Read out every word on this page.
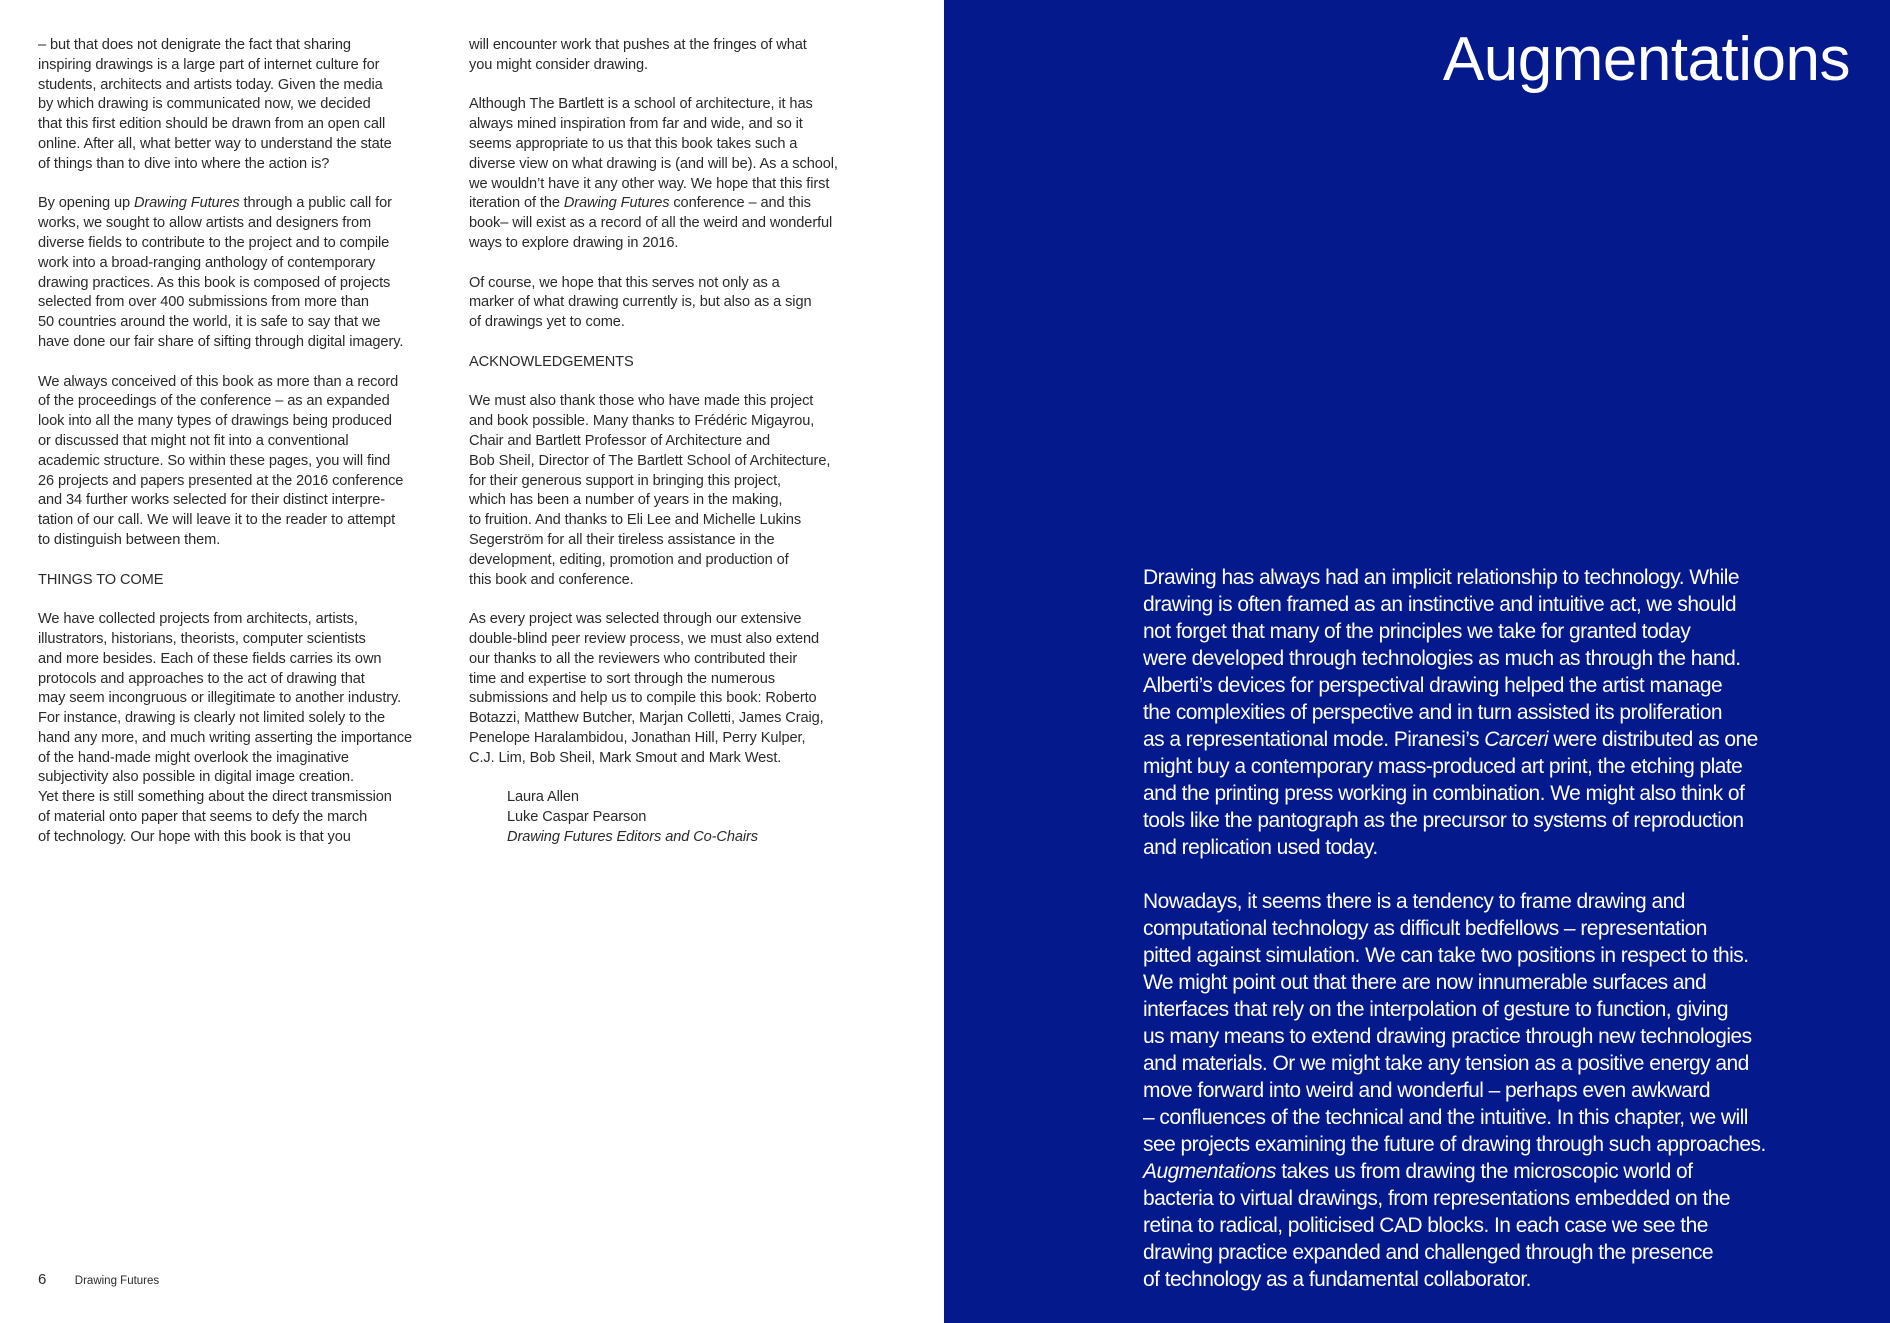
– but that does not denigrate the fact that sharing
inspiring drawings is a large part of internet culture for
students, architects and artists today. Given the media
by which drawing is communicated now, we decided
that this first edition should be drawn from an open call
online. After all, what better way to understand the state
of things than to dive into where the action is?
By opening up Drawing Futures through a public call for
works, we sought to allow artists and designers from
diverse fields to contribute to the project and to compile
work into a broad-ranging anthology of contemporary
drawing practices. As this book is composed of projects
selected from over 400 submissions from more than
50 countries around the world, it is safe to say that we
have done our fair share of sifting through digital imagery.
We always conceived of this book as more than a record
of the proceedings of the conference – as an expanded
look into all the many types of drawings being produced
or discussed that might not fit into a conventional
academic structure. So within these pages, you will find
26 projects and papers presented at the 2016 conference
and 34 further works selected for their distinct interpre-
tation of our call. We will leave it to the reader to attempt
to distinguish between them.
THINGS TO COME
We have collected projects from architects, artists,
illustrators, historians, theorists, computer scientists
and more besides. Each of these fields carries its own
protocols and approaches to the act of drawing that
may seem incongruous or illegitimate to another industry.
For instance, drawing is clearly not limited solely to the
hand any more, and much writing asserting the importance
of the hand-made might overlook the imaginative
subjectivity also possible in digital image creation.
Yet there is still something about the direct transmission
of material onto paper that seems to defy the march
of technology. Our hope with this book is that you
will encounter work that pushes at the fringes of what
you might consider drawing.
Although The Bartlett is a school of architecture, it has
always mined inspiration from far and wide, and so it
seems appropriate to us that this book takes such a
diverse view on what drawing is (and will be). As a school,
we wouldn’t have it any other way. We hope that this first
iteration of the Drawing Futures conference – and this
book– will exist as a record of all the weird and wonderful
ways to explore drawing in 2016.
Of course, we hope that this serves not only as a
marker of what drawing currently is, but also as a sign
of drawings yet to come.
ACKNOWLEDGEMENTS
We must also thank those who have made this project
and book possible. Many thanks to Frédéric Migayrou,
Chair and Bartlett Professor of Architecture and
Bob Sheil, Director of The Bartlett School of Architecture,
for their generous support in bringing this project,
which has been a number of years in the making,
to fruition. And thanks to Eli Lee and Michelle Lukins
Segerström for all their tireless assistance in the
development, editing, promotion and production of
this book and conference.
As every project was selected through our extensive
double-blind peer review process, we must also extend
our thanks to all the reviewers who contributed their
time and expertise to sort through the numerous
submissions and help us to compile this book: Roberto
Botazzi, Matthew Butcher, Marjan Colletti, James Craig,
Penelope Haralambidou, Jonathan Hill, Perry Kulper,
C.J. Lim, Bob Sheil, Mark Smout and Mark West.
Laura Allen
Luke Caspar Pearson
Drawing Futures Editors and Co-Chairs
6 Drawing Futures
Augmentations
Drawing has always had an implicit relationship to technology. While
drawing is often framed as an instinctive and intuitive act, we should
not forget that many of the principles we take for granted today
were developed through technologies as much as through the hand.
Alberti’s devices for perspectival drawing helped the artist manage
the complexities of perspective and in turn assisted its proliferation
as a representational mode. Piranesi’s Carceri were distributed as one
might buy a contemporary mass-produced art print, the etching plate
and the printing press working in combination. We might also think of
tools like the pantograph as the precursor to systems of reproduction
and replication used today.
Nowadays, it seems there is a tendency to frame drawing and
computational technology as difficult bedfellows – representation
pitted against simulation. We can take two positions in respect to this.
We might point out that there are now innumerable surfaces and
interfaces that rely on the interpolation of gesture to function, giving
us many means to extend drawing practice through new technologies
and materials. Or we might take any tension as a positive energy and
move forward into weird and wonderful – perhaps even awkward
– confluences of the technical and the intuitive. In this chapter, we will
see projects examining the future of drawing through such approaches.
Augmentations takes us from drawing the microscopic world of
bacteria to virtual drawings, from representations embedded on the
retina to radical, politicised CAD blocks. In each case we see the
drawing practice expanded and challenged through the presence
of technology as a fundamental collaborator.
